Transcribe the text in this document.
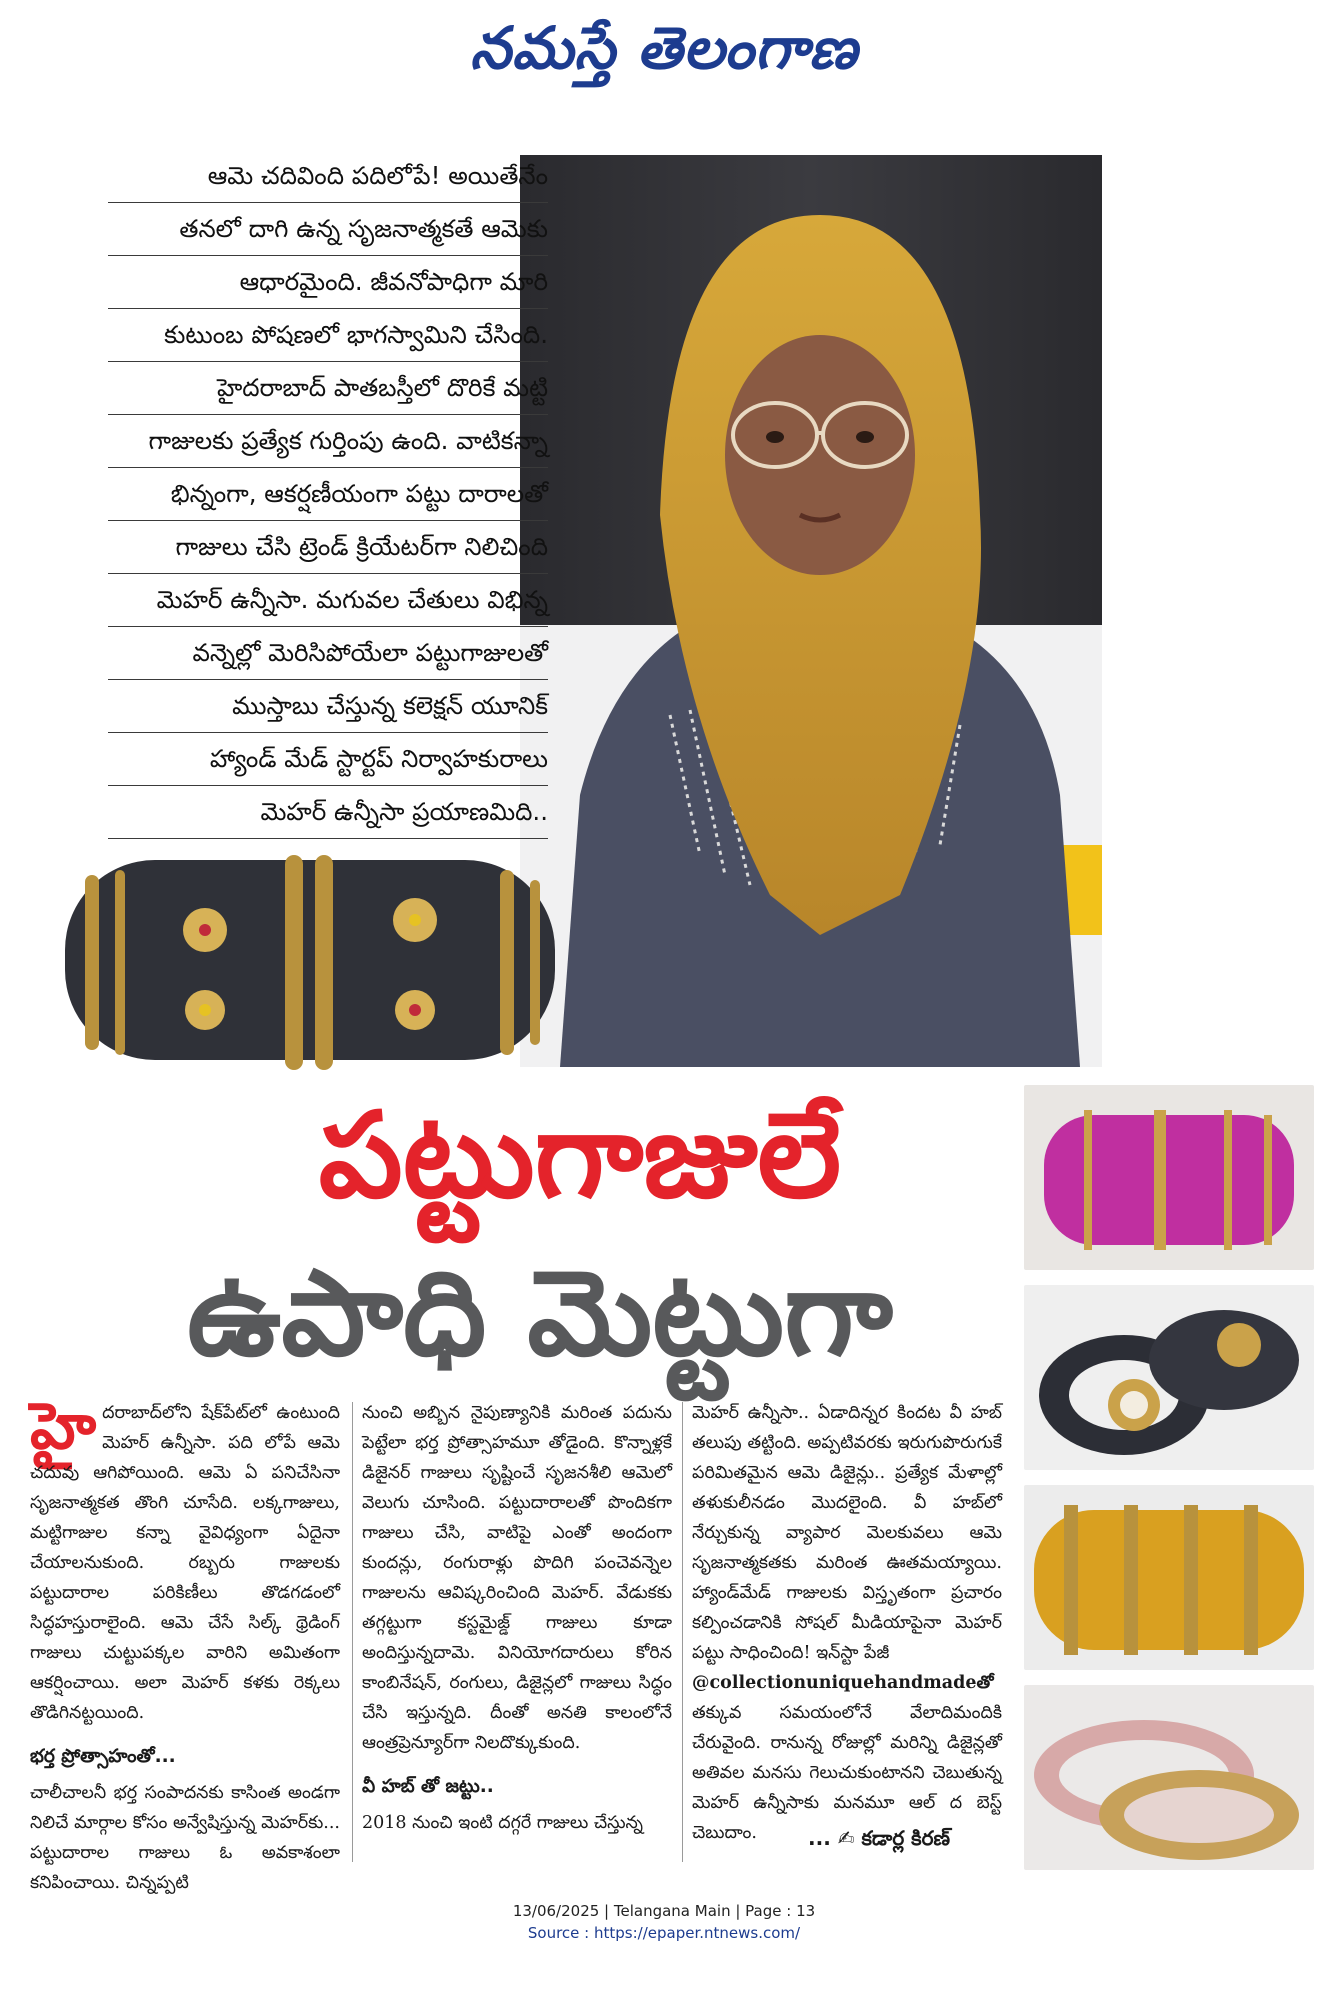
నమస్తే తెలంగాణ
ఆమె చదివింది పదిలోపే! అయితేనేం
తనలో దాగి ఉన్న సృజనాత్మకతే ఆమెకు
ఆధారమైంది. జీవనోపాధిగా మారి
కుటుంబ పోషణలో భాగస్వామిని చేసింది.
హైదరాబాద్ పాతబస్తీలో దొరికే మట్టి
గాజులకు ప్రత్యేక గుర్తింపు ఉంది. వాటికన్నా
భిన్నంగా, ఆకర్షణీయంగా పట్టు దారాలతో
గాజులు చేసి ట్రెండ్ క్రియేటర్‌గా నిలిచింది
మెహర్ ఉన్నీసా. మగువల చేతులు విభిన్న
వన్నెల్లో మెరిసిపోయేలా పట్టుగాజులతో
ముస్తాబు చేస్తున్న కలెక్షన్ యూనిక్
హ్యాండ్ మేడ్ స్టార్టప్ నిర్వాహకురాలు
మెహర్ ఉన్నీసా ప్రయాణమిది..
పట్టుగాజులే
ఉపాధి మెట్టుగా

హైదరాబాద్‌లోని షేక్‌పేట్‌లో ఉంటుంది మెహర్ ఉన్నీసా. పది లోపే ఆమె చదువు ఆగిపోయింది. ఆమె ఏ పనిచేసినా సృజనాత్మకత తొంగి చూసేది. లక్కగాజులు, మట్టిగాజుల కన్నా వైవిధ్యంగా ఏదైనా చేయాలనుకుంది. రబ్బరు గాజులకు పట్టుదారాల పరికిణీలు తొడగడంలో సిద్ధహస్తురాలైంది. ఆమె చేసే సిల్క్ థ్రెడింగ్ గాజులు చుట్టుపక్కల వారిని అమితంగా ఆకర్షించాయి. అలా మెహర్ కళకు రెక్కలు తొడిగినట్టయింది.

భర్త ప్రోత్సాహంతో...

చాలీచాలనీ భర్త సంపాదనకు కాసింత అండగా నిలిచే మార్గాల కోసం అన్వేషిస్తున్న మెహర్‌కు... పట్టుదారాల గాజులు ఓ అవకాశంలా కనిపించాయి. చిన్నప్పటి

నుంచి అబ్బిన నైపుణ్యానికి మరింత పదును పెట్టేలా భర్త ప్రోత్సాహమూ తోడైంది. కొన్నాళ్లకే డిజైనర్ గాజులు సృష్టించే సృజనశీలి ఆమెలో వెలుగు చూసింది. పట్టుదారాలతో పొందికగా గాజులు చేసి, వాటిపై ఎంతో అందంగా కుందన్లు, రంగురాళ్లు పొదిగి పంచెవన్నెల గాజులను ఆవిష్కరించింది మెహర్. వేడుకకు తగ్గట్టుగా కస్టమైజ్డ్ గాజులు కూడా అందిస్తున్నదామె. వినియోగదారులు కోరిన కాంబినేషన్, రంగులు, డిజైన్లలో గాజులు సిద్ధం చేసి ఇస్తున్నది. దీంతో అనతి కాలంలోనే ఆంత్రప్రెన్యూర్‌గా నిలదొక్కుకుంది.

వీ హబ్ తో జట్టు..

2018 నుంచి ఇంటి దగ్గరే గాజులు చేస్తున్న

మెహర్ ఉన్నీసా.. ఏడాదిన్నర కిందట వీ హబ్ తలుపు తట్టింది. అప్పటివరకు ఇరుగుపొరుగుకే పరిమితమైన ఆమె డిజైన్లు.. ప్రత్యేక మేళాల్లో తళుకులీనడం మొదలైంది. వీ హబ్‌లో నేర్చుకున్న వ్యాపార మెలకువలు ఆమె సృజనాత్మకతకు మరింత ఊతమయ్యాయి. హ్యాండ్‌మేడ్ గాజులకు విస్తృతంగా ప్రచారం కల్పించడానికి సోషల్ మీడియాపైనా మెహర్ పట్టు సాధించింది! ఇన్‌స్టా పేజీ

@collectionuniquehandmadeతో

తక్కువ సమయంలోనే వేలాదిమందికి చేరువైంది. రానున్న రోజుల్లో మరిన్ని డిజైన్లతో అతివల మనసు గెలుచుకుంటానని చెబుతున్న మెహర్ ఉన్నీసాకు మనమూ ఆల్ ద బెస్ట్ చెబుదాం.	... ✍ కడార్ల కిరణ్
13/06/2025 | Telangana Main | Page : 13
Source : https://epaper.ntnews.com/
